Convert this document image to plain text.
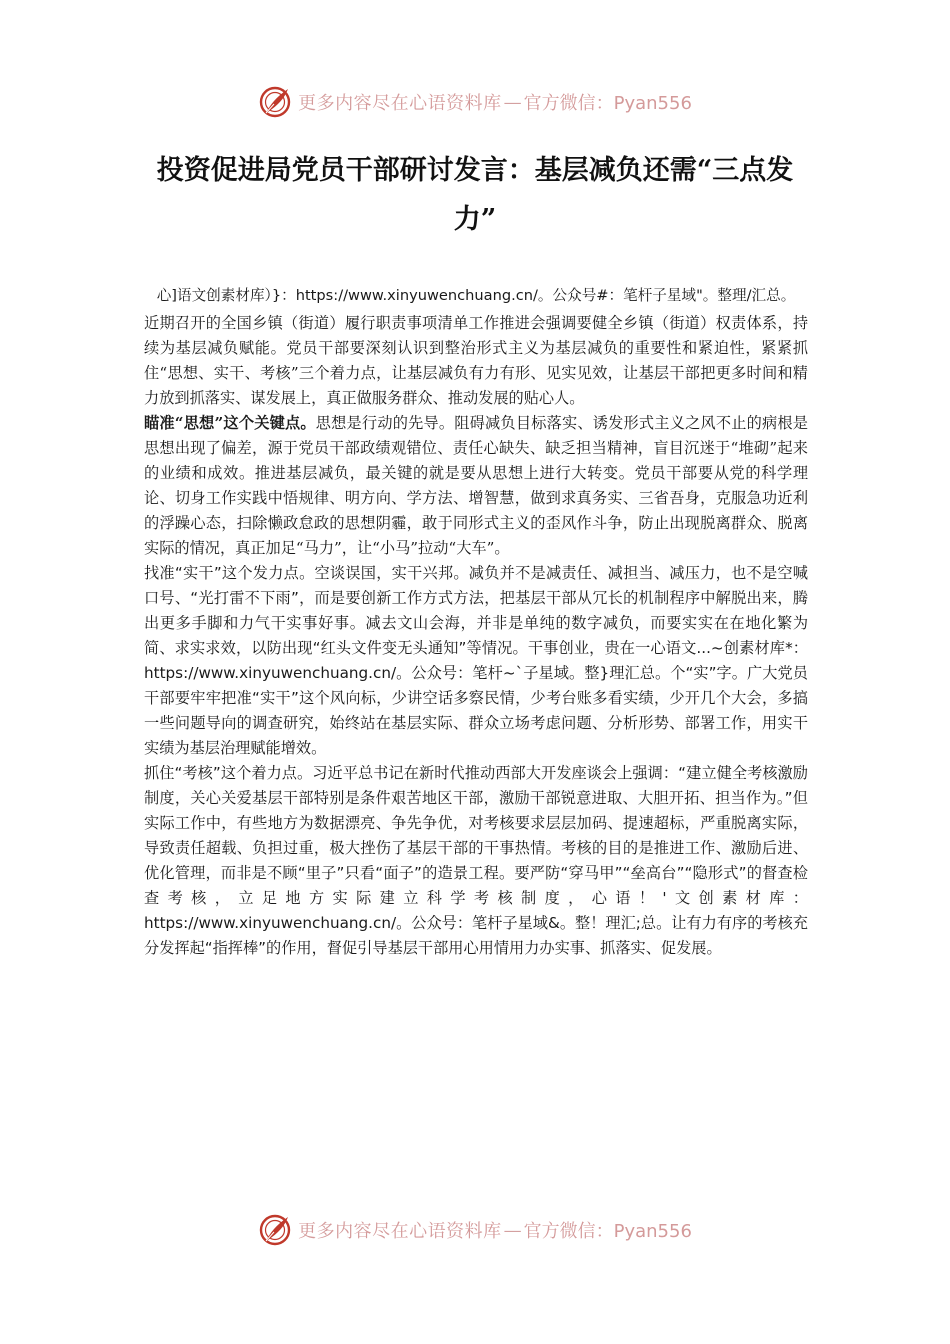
更多内容尽在心语资料库 — 官方微信：Pyan556
投资促进局党员干部研讨发言：基层减负还需“三点发力”

心]语文创素材库）}：https://www.xinyuwenchuang.cn/。公众号#：笔杆子星域"。整理/汇总。

近期召开的全国乡镇（街道）履行职责事项清单工作推进会强调要健全乡镇（街道）权责体系，持续为基层减负赋能。党员干部要深刻认识到整治形式主义为基层减负的重要性和紧迫性，紧紧抓住“思想、实干、考核”三个着力点，让基层减负有力有形、见实见效，让基层干部把更多时间和精力放到抓落实、谋发展上，真正做服务群众、推动发展的贴心人。

瞄准“思想”这个关键点。思想是行动的先导。阻碍减负目标落实、诱发形式主义之风不止的病根是思想出现了偏差，源于党员干部政绩观错位、责任心缺失、缺乏担当精神，盲目沉迷于“堆砌”起来的业绩和成效。推进基层减负，最关键的就是要从思想上进行大转变。党员干部要从党的科学理论、切身工作实践中悟规律、明方向、学方法、增智慧，做到求真务实、三省吾身，克服急功近利的浮躁心态，扫除懒政怠政的思想阴霾，敢于同形式主义的歪风作斗争，防止出现脱离群众、脱离实际的情况，真正加足“马力”，让“小马”拉动“大车”。

找准“实干”这个发力点。空谈误国，实干兴邦。减负并不是减责任、减担当、减压力，也不是空喊口号、“光打雷不下雨”，而是要创新工作方式方法，把基层干部从冗长的机制程序中解脱出来，腾出更多手脚和力气干实事好事。减去文山会海，并非是单纯的数字减负，而要实实在在地化繁为简、求实求效，以防出现“红头文件变无头通知”等情况。干事创业，贵在一心语文...~创素材库*：https://www.xinyuwenchuang.cn/。公众号：笔杆~`子星域。整}理汇总。个“实”字。广大党员干部要牢牢把准“实干”这个风向标，少讲空话多察民情，少考台账多看实绩，少开几个大会，多搞一些问题导向的调查研究，始终站在基层实际、群众立场考虑问题、分析形势、部署工作，用实干实绩为基层治理赋能增效。

抓住“考核”这个着力点。习近平总书记在新时代推动西部大开发座谈会上强调：“建立健全考核激励制度，关心关爱基层干部特别是条件艰苦地区干部，激励干部锐意进取、大胆开拓、担当作为。”但实际工作中，有些地方为数据漂亮、争先争优，对考核要求层层加码、提速超标，严重脱离实际，导致责任超载、负担过重，极大挫伤了基层干部的干事热情。考核的目的是推进工作、激励后进、优化管理，而非是不顾“里子”只看“面子”的造景工程。要严防“穿马甲”“垒高台”“隐形式”的督查检查考核，立足地方实际建立科学考核制度，心语！'文创素材库：https://www.xinyuwenchuang.cn/。公众号：笔杆子星域&。整！理汇;总。让有力有序的考核充分发挥起“指挥棒”的作用，督促引导基层干部用心用情用力办实事、抓落实、促发展。

更多内容尽在心语资料库 — 官方微信：Pyan556
